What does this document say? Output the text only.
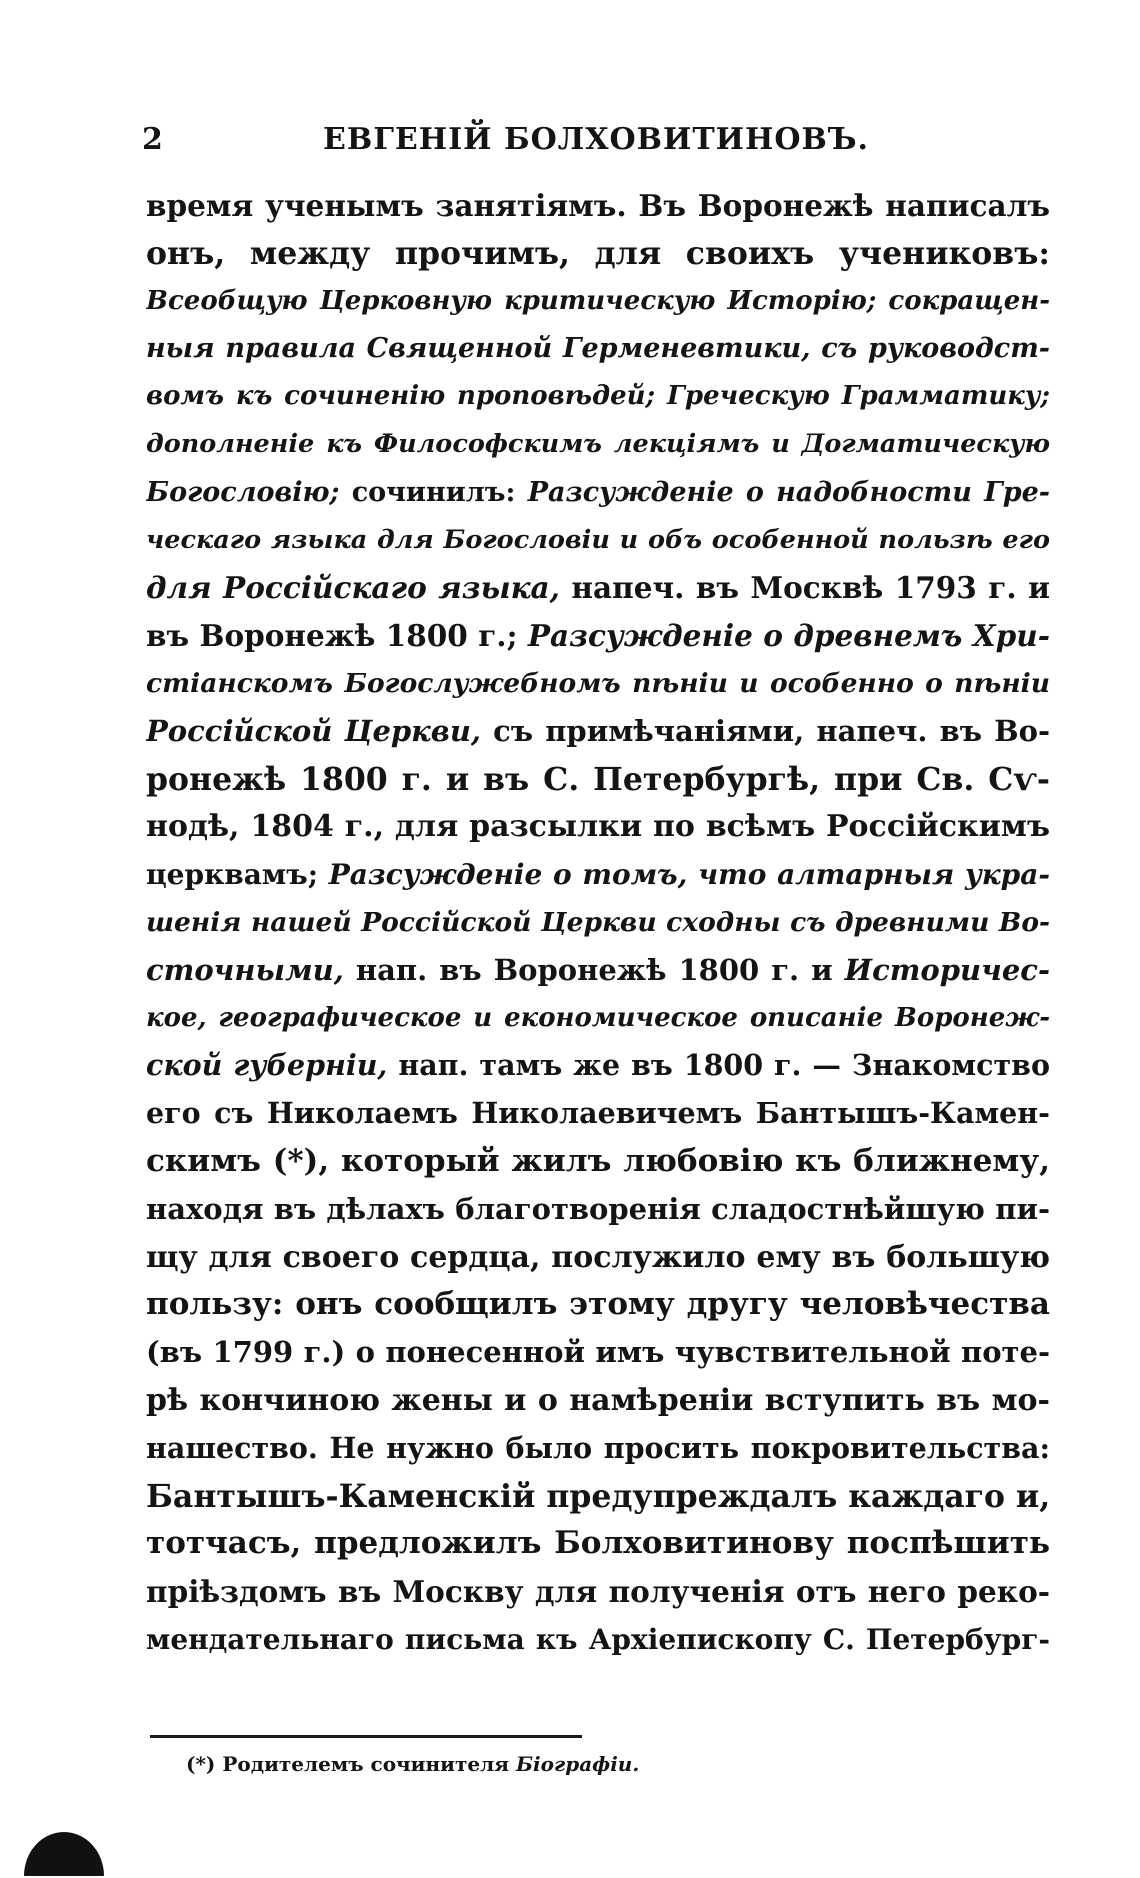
2	ЕВГЕНІЙ БОЛХОВИТИНОВЪ.
время ученымъ занятіямъ. Въ Воронежѣ написалъ
онъ, между прочимъ, для своихъ учениковъ:
Всеобщую Церковную критическую Исторію; сокращен-
ныя правила Священной Герменевтики, съ руководст-
вомъ къ сочиненію проповѣдей; Греческую Грамматику;
дополненіе къ Философскимъ лекціямъ и Догматическую
Богословію; сочинилъ: Разсужденіе о надобности Гре-
ческаго языка для Богословіи и объ особенной пользѣ его
для Россійскаго языка, напеч. въ Москвѣ 1793 г. и
въ Воронежѣ 1800 г.; Разсужденіе о древнемъ Хри-
стіанскомъ Богослужебномъ пѣніи и особенно о пѣніи
Россійской Церкви, съ примѣчаніями, напеч. въ Во-
ронежѣ 1800 г. и въ С. Петербургѣ, при Св. Сѵ-
нодѣ, 1804 г., для разсылки по всѣмъ Россійскимъ
церквамъ; Разсужденіе о томъ, что алтарныя укра-
шенія нашей Россійской Церкви сходны съ древними Во-
сточными, нап. въ Воронежѣ 1800 г. и Историчес-
кое, географическое и економическое описаніе Воронеж-
ской губерніи, нап. тамъ же въ 1800 г. — Знакомство
его съ Николаемъ Николаевичемъ Бантышъ-Камен-
скимъ (*), который жилъ любовію къ ближнему,
находя въ дѣлахъ благотворенія сладостнѣйшую пи-
щу для своего сердца, послужило ему въ большую
пользу: онъ сообщилъ этому другу человѣчества
(въ 1799 г.) о понесенной имъ чувствительной поте-
рѣ кончиною жены и о намѣреніи вступить въ мо-
нашество. Не нужно было просить покровительства:
Бантышъ-Каменскій предупреждалъ каждаго и,
тотчасъ, предложилъ Болховитинову поспѣшить
пріѣздомъ въ Москву для полученія отъ него реко-
мендательнаго письма къ Архіепископу С. Петербург-
(*) Родителемъ сочинителя Біографіи.
